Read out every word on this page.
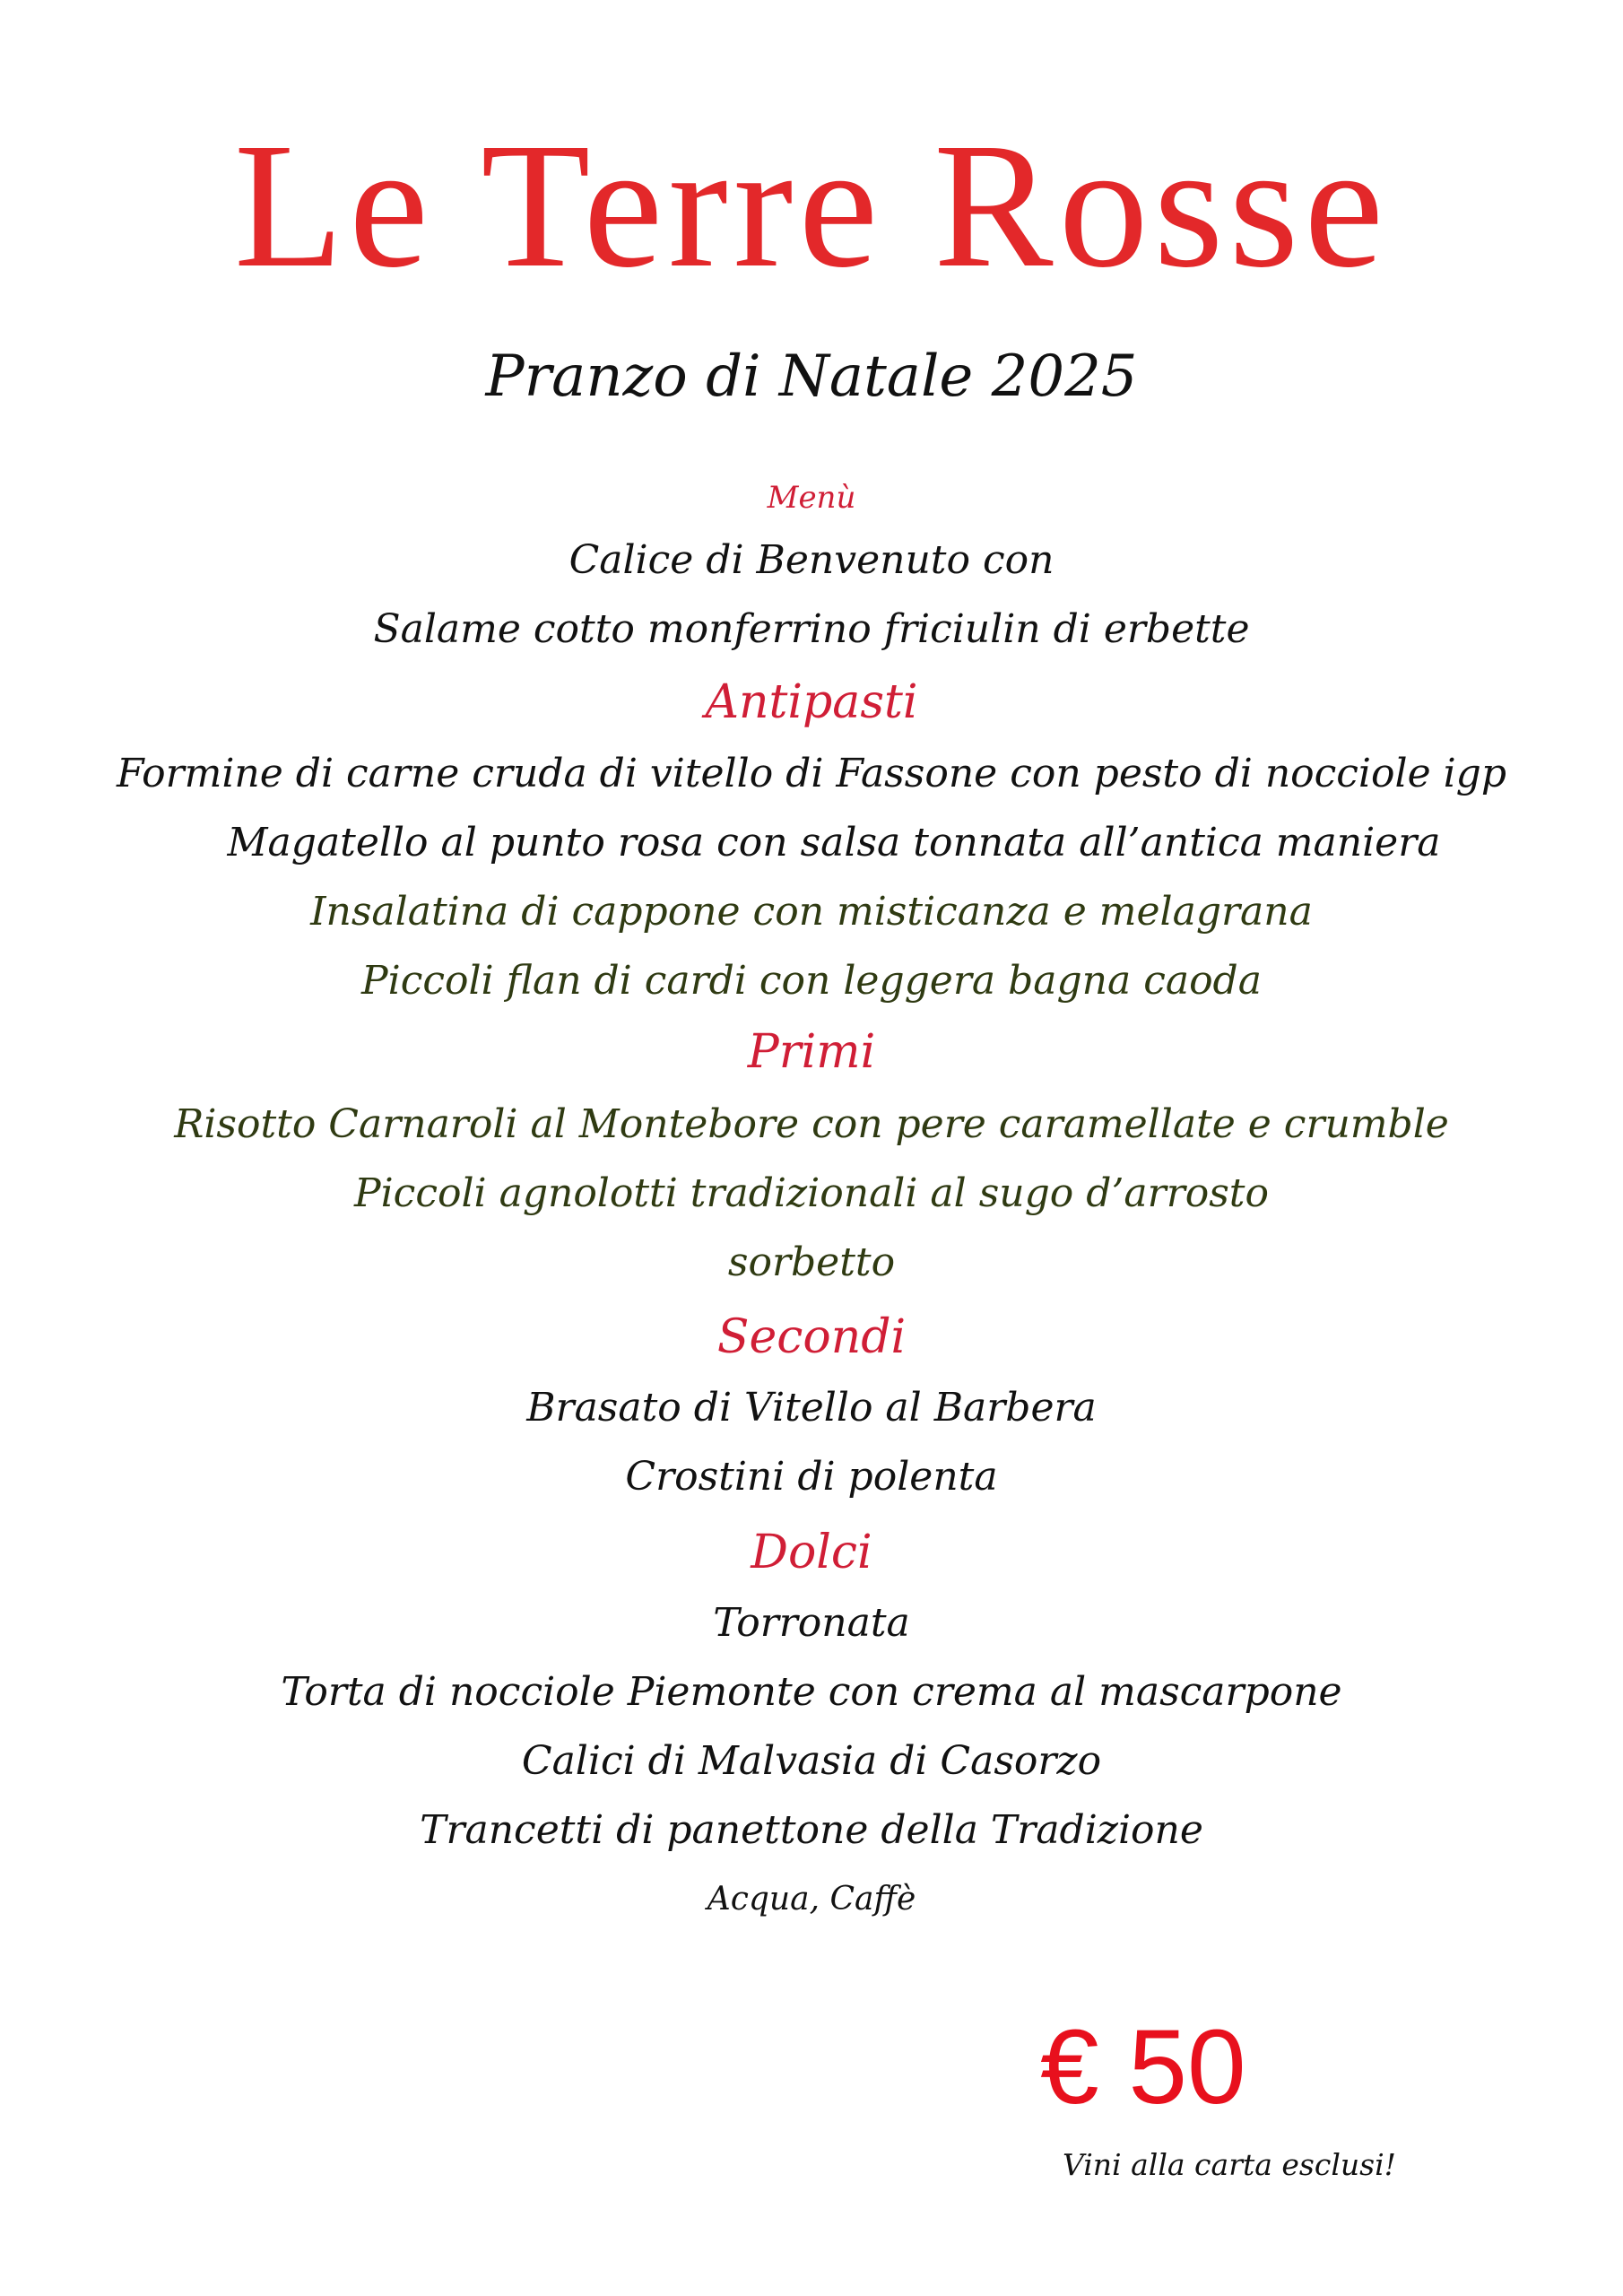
Le Terre Rosse
Pranzo di Natale 2025
Menù
Calice di Benvenuto con
Salame cotto monferrino friciulin di erbette
Antipasti
Formine di carne cruda di vitello di Fassone con pesto di nocciole igp
Magatello al punto rosa con salsa tonnata all’antica maniera
Insalatina di cappone con misticanza e melagrana
Piccoli flan di cardi con leggera bagna caoda
Primi
Risotto Carnaroli al Montebore con pere caramellate e crumble
Piccoli agnolotti tradizionali al sugo d’arrosto
sorbetto
Secondi
Brasato di Vitello al Barbera
Crostini di polenta
Dolci
Torronata
Torta di nocciole Piemonte con crema al mascarpone
Calici di Malvasia di Casorzo
Trancetti di panettone della Tradizione
Acqua, Caffè
€ 50
Vini alla carta esclusi!
